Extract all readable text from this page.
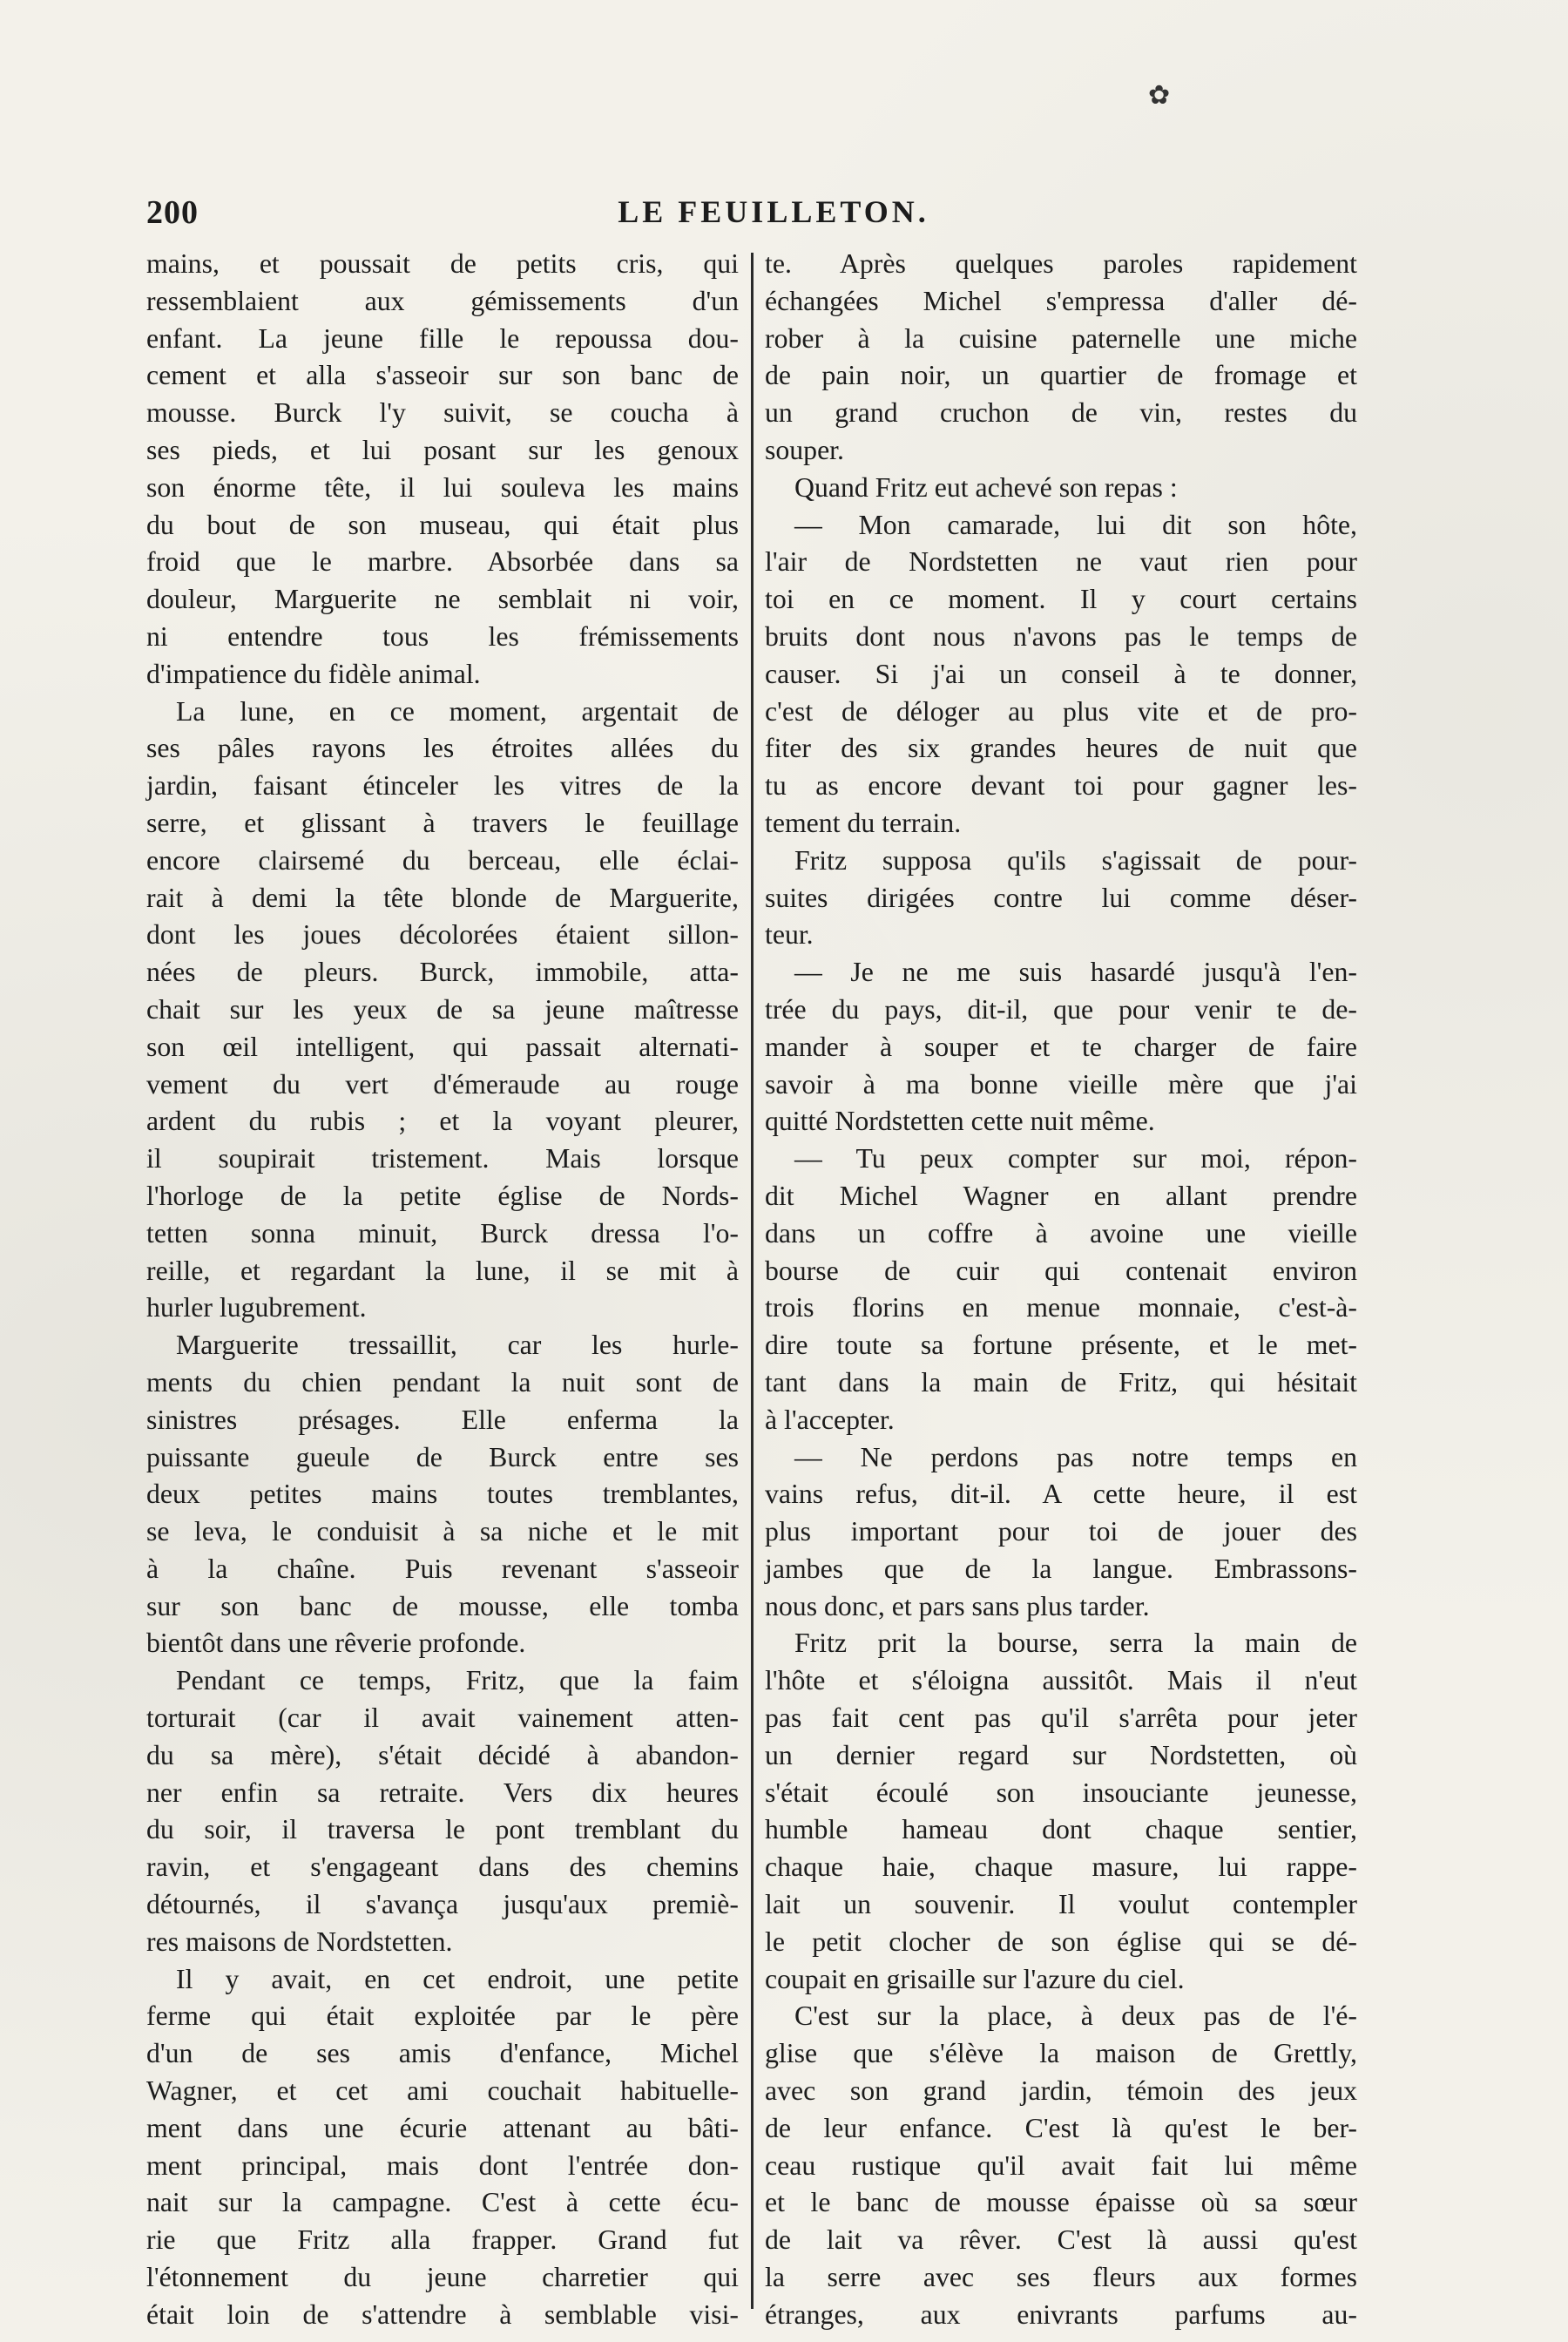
✿
200	LE FEUILLETON.

mains, et poussait de petits cris, qui

ressemblaient aux gémissements d'un

enfant. La jeune fille le repoussa dou-

cement et alla s'asseoir sur son banc de

mousse. Burck l'y suivit, se coucha à

ses pieds, et lui posant sur les genoux

son énorme tête, il lui souleva les mains

du bout de son museau, qui était plus

froid que le marbre. Absorbée dans sa

douleur, Marguerite ne semblait ni voir,

ni entendre tous les frémissements

d'impatience du fidèle animal.

La lune, en ce moment, argentait de

ses pâles rayons les étroites allées du

jardin, faisant étinceler les vitres de la

serre, et glissant à travers le feuillage

encore clairsemé du berceau, elle éclai-

rait à demi la tête blonde de Marguerite,

dont les joues décolorées étaient sillon-

nées de pleurs. Burck, immobile, atta-

chait sur les yeux de sa jeune maîtresse

son œil intelligent, qui passait alternati-

vement du vert d'émeraude au rouge

ardent du rubis ; et la voyant pleurer,

il soupirait tristement. Mais lorsque

l'horloge de la petite église de Nords-

tetten sonna minuit, Burck dressa l'o-

reille, et regardant la lune, il se mit à

hurler lugubrement.

Marguerite tressaillit, car les hurle-

ments du chien pendant la nuit sont de

sinistres présages. Elle enferma la

puissante gueule de Burck entre ses

deux petites mains toutes tremblantes,

se leva, le conduisit à sa niche et le mit

à la chaîne. Puis revenant s'asseoir

sur son banc de mousse, elle tomba

bientôt dans une rêverie profonde.

Pendant ce temps, Fritz, que la faim

torturait (car il avait vainement atten-

du sa mère), s'était décidé à abandon-

ner enfin sa retraite. Vers dix heures

du soir, il traversa le pont tremblant du

ravin, et s'engageant dans des chemins

détournés, il s'avança jusqu'aux premiè-

res maisons de Nordstetten.

Il y avait, en cet endroit, une petite

ferme qui était exploitée par le père

d'un de ses amis d'enfance, Michel

Wagner, et cet ami couchait habituelle-

ment dans une écurie attenant au bâti-

ment principal, mais dont l'entrée don-

nait sur la campagne. C'est à cette écu-

rie que Fritz alla frapper. Grand fut

l'étonnement du jeune charretier qui

était loin de s'attendre à semblable visi-

te. Après quelques paroles rapidement

échangées Michel s'empressa d'aller dé-

rober à la cuisine paternelle une miche

de pain noir, un quartier de fromage et

un grand cruchon de vin, restes du

souper.

Quand Fritz eut achevé son repas :

— Mon camarade, lui dit son hôte,

l'air de Nordstetten ne vaut rien pour

toi en ce moment. Il y court certains

bruits dont nous n'avons pas le temps de

causer. Si j'ai un conseil à te donner,

c'est de déloger au plus vite et de pro-

fiter des six grandes heures de nuit que

tu as encore devant toi pour gagner les-

tement du terrain.

Fritz supposa qu'ils s'agissait de pour-

suites dirigées contre lui comme déser-

teur.

— Je ne me suis hasardé jusqu'à l'en-

trée du pays, dit-il, que pour venir te de-

mander à souper et te charger de faire

savoir à ma bonne vieille mère que j'ai

quitté Nordstetten cette nuit même.

— Tu peux compter sur moi, répon-

dit Michel Wagner en allant prendre

dans un coffre à avoine une vieille

bourse de cuir qui contenait environ

trois florins en menue monnaie, c'est-à-

dire toute sa fortune présente, et le met-

tant dans la main de Fritz, qui hésitait

à l'accepter.

— Ne perdons pas notre temps en

vains refus, dit-il. A cette heure, il est

plus important pour toi de jouer des

jambes que de la langue. Embrassons-

nous donc, et pars sans plus tarder.

Fritz prit la bourse, serra la main de

l'hôte et s'éloigna aussitôt. Mais il n'eut

pas fait cent pas qu'il s'arrêta pour jeter

un dernier regard sur Nordstetten, où

s'était écoulé son insouciante jeunesse,

humble hameau dont chaque sentier,

chaque haie, chaque masure, lui rappe-

lait un souvenir. Il voulut contempler

le petit clocher de son église qui se dé-

coupait en grisaille sur l'azure du ciel.

C'est sur la place, à deux pas de l'é-

glise que s'élève la maison de Grettly,

avec son grand jardin, témoin des jeux

de leur enfance. C'est là qu'est le ber-

ceau rustique qu'il avait fait lui même

et le banc de mousse épaisse où sa sœur

de lait va rêver. C'est là aussi qu'est

la serre avec ses fleurs aux formes

étranges, aux enivrants parfums au-
